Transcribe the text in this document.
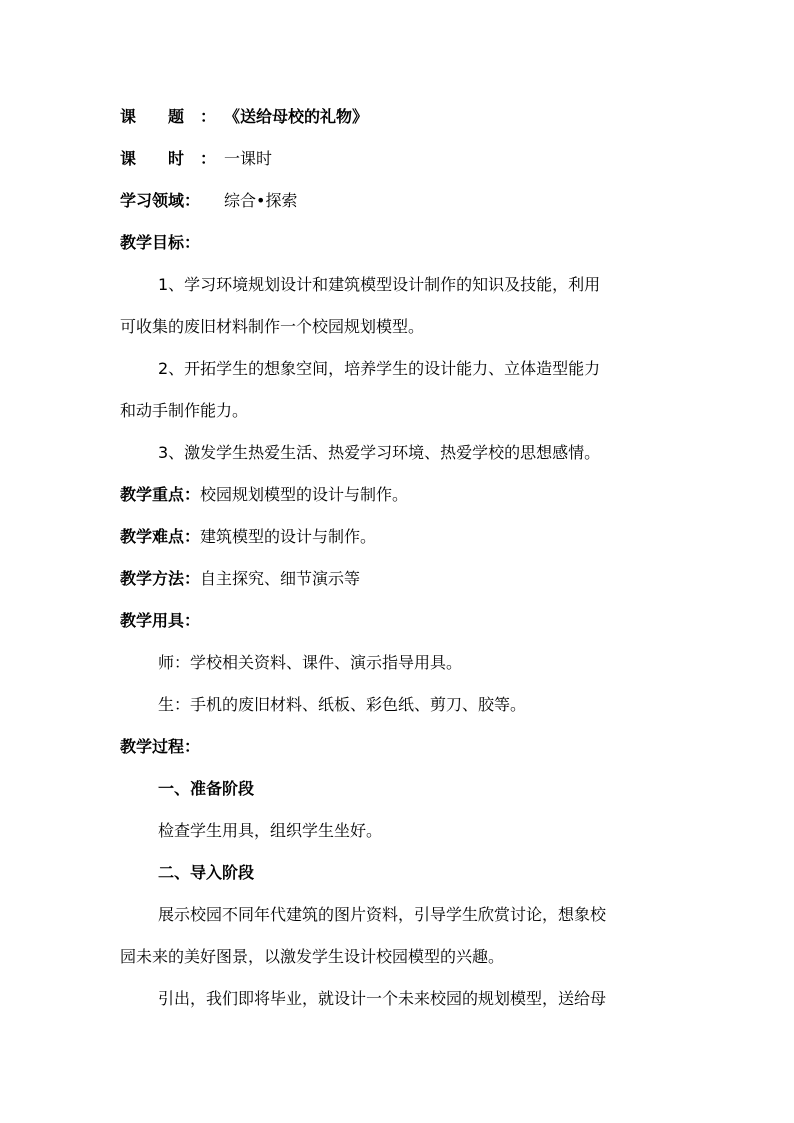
课　　题　： 《送给母校的礼物》
课　　时　： 一课时
学习领域： 综合•探索
教学目标：
1、学习环境规划设计和建筑模型设计制作的知识及技能，利用
可收集的废旧材料制作一个校园规划模型。
2、开拓学生的想象空间，培养学生的设计能力、立体造型能力
和动手制作能力。
3、激发学生热爱生活、热爱学习环境、热爱学校的思想感情。
教学重点：校园规划模型的设计与制作。
教学难点：建筑模型的设计与制作。
教学方法：自主探究、细节演示等
教学用具：
师：学校相关资料、课件、演示指导用具。
生：手机的废旧材料、纸板、彩色纸、剪刀、胶等。
教学过程：
一、准备阶段
检查学生用具，组织学生坐好。
二、导入阶段
展示校园不同年代建筑的图片资料，引导学生欣赏讨论，想象校
园未来的美好图景，以激发学生设计校园模型的兴趣。
引出，我们即将毕业，就设计一个未来校园的规划模型，送给母
